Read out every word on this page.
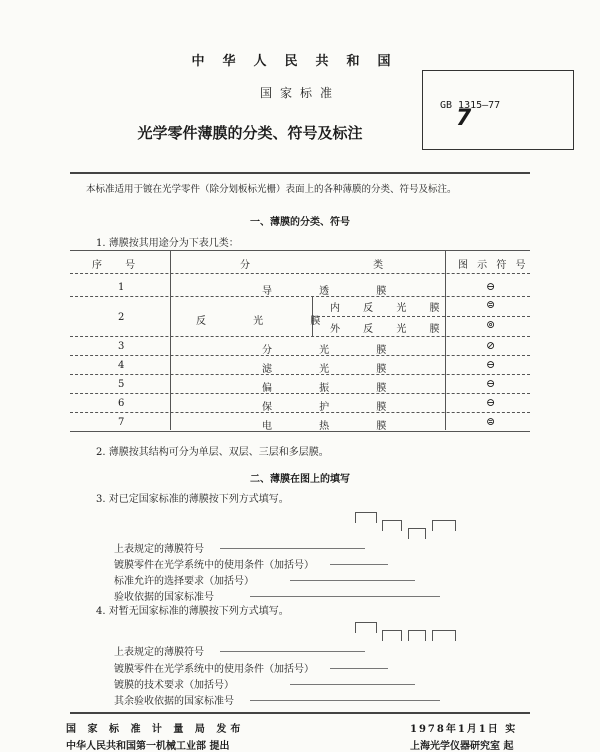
中华人民共和国
国家标准
光学零件薄膜的分类、符号及标注
GB 1315—77
7
本标准适用于镀在光学零件（除分划板标光栅）表面上的各种薄膜的分类、符号及标注。
一、薄膜的分类、符号
1. 薄膜按其用途分为下表几类：
序 号	分 类 图 示 符 号
1	导 透 膜	⊖
2	反 光 膜
内 反 光 膜	⊜
外 反 光 膜	⊚
3	分 光 膜	⊘
4	滤 光 膜	⊖
5	偏 振 膜	⊖
6	保 护 膜	⊖
7	电 热 膜	⊜
2. 薄膜按其结构可分为单层、双层、三层和多层膜。
二、薄膜在图上的填写
3. 对已定国家标准的薄膜按下列方式填写。
上表规定的薄膜符号
镀膜零件在光学系统中的使用条件（加括号）
标准允许的选择要求（加括号）
验收依据的国家标准号
4. 对暂无国家标准的薄膜按下列方式填写。
上表规定的薄膜符号
镀膜零件在光学系统中的使用条件（加括号）
镀膜的技术要求（加括号）
其余验收依据的国家标准号
国 家 标 准 计 量 局 发布
中华人民共和国第一机械工业部 提出
1978年1月1日 实
上海光学仪器研究室 起
